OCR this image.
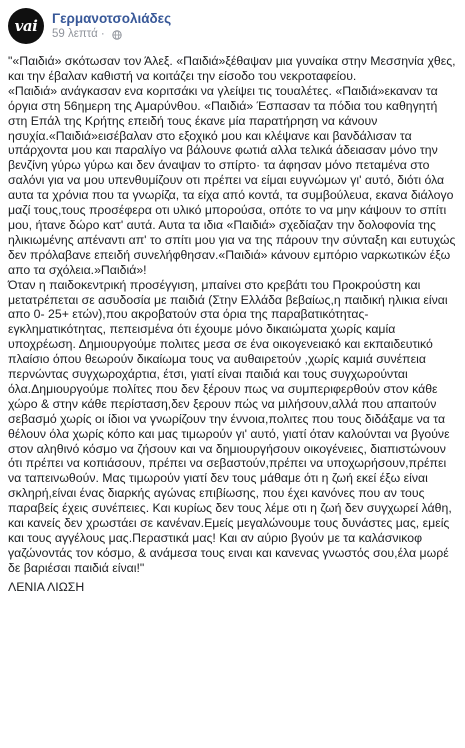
vai Γερμανοτσολιάδες
59 λεπτά ·
"«Παιδιά» σκότωσαν τον Άλεξ. «Παιδιά»ξέθαψαν μια γυναίκα στην Μεσσηνία χθες, και την έβαλαν καθιστή να κοιτάζει την είσοδο του νεκροταφείου.
«Παιδιά» ανάγκασαν ενα κοριτσάκι να γλείψει τις τουαλέτες. «Παιδιά»εκαναν τα όργια στη 56ημερη της Αμαρύνθου. «Παιδιά» Έσπασαν τα πόδια του καθηγητή στη Επάλ της Κρήτης επειδή τους έκανε μία παρατήρηση να κάνουν ησυχία.«Παιδιά»εισέβαλαν στο εξοχικό μου και κλέψανε και βανδάλισαν τα υπάρχοντα μου και παραλίγο να βάλουνε φωτιά αλλα τελικά άδειασαν μόνο την βενζίνη γύρω γύρω και δεν άναψαν το σπίρτο· τα άφησαν μόνο πεταμένα στο σαλόνι για να μου υπενθυμίζουν οτι πρέπει να είμαι ευγνώμων γι' αυτό, διότι όλα αυτα τα χρόνια που τα γνωρίζα, τα είχα από κοντά, τα συμβούλευα, εκανα διάλογο μαζί τους,τους προσέφερα οτι υλικό μπορούσα, οπότε το να μην κάψουν το σπίτι μου, ήτανε δώρο κατ' αυτά. Αυτα τα ιδια «Παιδιά» σχεδίαζαν την δολοφονία της ηλικιωμένης απέναντι απ' το σπίτι μου για να της πάρουν την σύνταξη και ευτυχώς δεν πρόλαβανε επειδή συνελήφθησαν.«Παιδιά» κάνουν εμπόριο ναρκωτικών έξω απο τα σχόλεια.»Παιδιά»!
Όταν η παιδοκεντρική προσέγγιση, μπαίνει στο κρεβάτι του Προκρούστη και μετατρέπεται σε ασυδοσία με παιδιά (Στην Ελλάδα βεβαίως,η παιδική ηλικια είναι απο 0- 25+ ετών),που ακροβατούν στα όρια της παραβατικότητας-εγκληματικότητας, πεπεισμένα ότι έχουμε μόνο δικαιώματα χωρίς καμία υποχρέωση. Δημιουργούμε πολιτες μεσα σε ένα οικογενειακό και εκπαιδευτικό πλαίσιο όπου θεωρούν δικαίωμα τους να αυθαιρετούν ,χωρίς καμιά συνέπεια περνώντας συγχωροχάρτια, έτσι, γιατί είναι παιδιά και τους συγχωρούνται όλα.Δημιουργούμε πολίτες που δεν ξέρουν πως να συμπεριφερθούν στον κάθε χώρο & στην κάθε περίσταση,δεν ξερουν πώς να μιλήσουν,αλλά που απαιτούν σεβασμό χωρίς οι ίδιοι να γνωρίζουν την έννοια,πολιτες που τους διδάξαμε να τα θέλουν όλα χωρίς κόπο και μας τιμωρούν γι' αυτό, γιατί όταν καλούνται να βγούνε στον αληθινό κόσμο να ζήσουν και να δημιουργήσουν οικογένειες, διαπιστώνουν ότι πρέπει να κοπιάσουν, πρέπει να σεβαστούν,πρέπει να υποχωρήσουν,πρέπει να ταπεινωθούν. Μας τιμωρούν γιατί δεν τους μάθαμε ότι η ζωή εκεί έξω είναι σκληρή,είναι ένας διαρκής αγώνας επιβίωσης, που έχει κανόνες που αν τους παραβείς έχεις συνέπειες. Και κυρίως δεν τους λέμε οτι η ζωή δεν συγχωρεί λάθη, και κανείς δεν χρωστάει σε κανέναν.Εμείς μεγαλώνουμε τους δυνάστες μας, εμείς και τους αγγέλους μας.Περαστικά μας! Και αν αύριο βγούν με τα καλάσνικοφ γαζώνοντάς τον κόσμο, & ανάμεσα τους ειναι και κανενας γνωστός σου,έλα μωρέ δε βαριέσαι παιδιά είναι!"
ΛΕΝΙΑ ΛΙΩΣΗ
